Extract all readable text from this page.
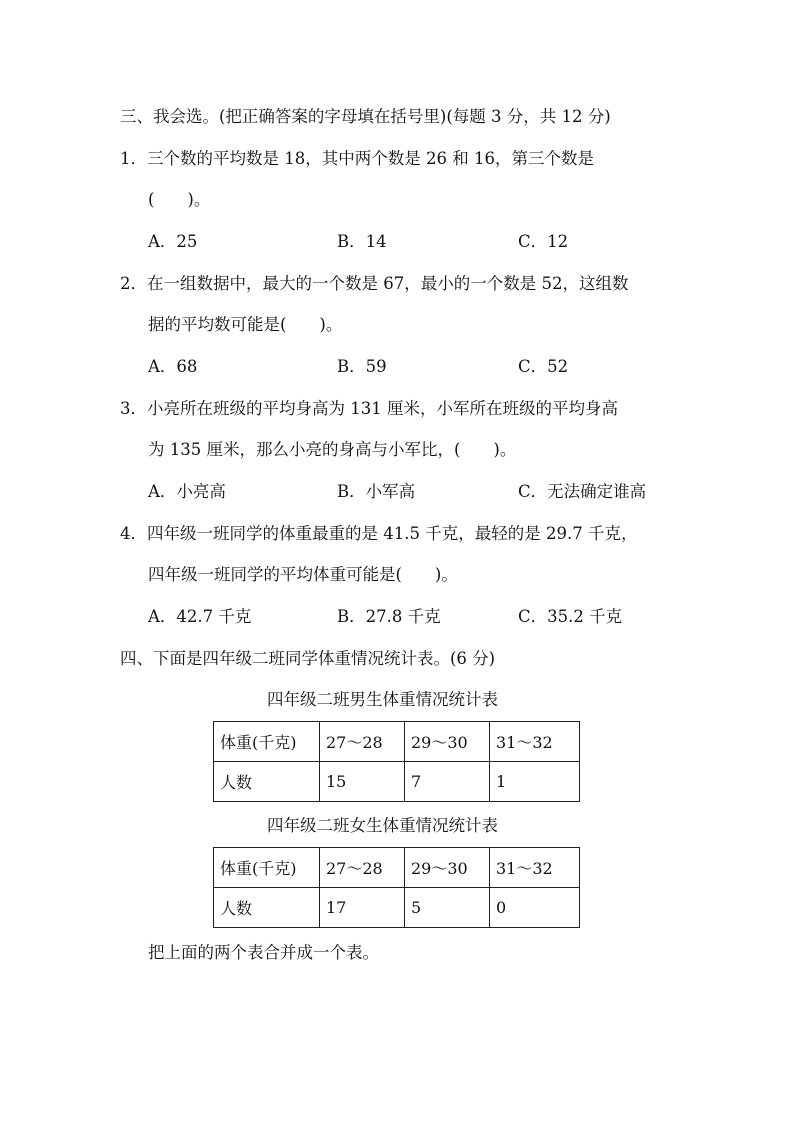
三、我会选。(把正确答案的字母填在括号里)(每题 3 分，共 12 分)
1．三个数的平均数是 18，其中两个数是 26 和 16，第三个数是
(　　)。
A．25	B．14	C．12
2．在一组数据中，最大的一个数是 67，最小的一个数是 52，这组数
据的平均数可能是(　　)。
A．68	B．59	C．52
3．小亮所在班级的平均身高为 131 厘米，小军所在班级的平均身高
为 135 厘米，那么小亮的身高与小军比，(　　)。
A．小亮高	B．小军高	C．无法确定谁高
4．四年级一班同学的体重最重的是 41.5 千克，最轻的是 29.7 千克，
四年级一班同学的平均体重可能是(　　)。
A．42.7 千克	B．27.8 千克	C．35.2 千克
四、下面是四年级二班同学体重情况统计表。(6 分)
四年级二班男生体重情况统计表
体重(千克)	27～28	29～30	31～32
人数	15	7	1
四年级二班女生体重情况统计表
体重(千克)	27～28	29～30	31～32
人数	17	5	0
把上面的两个表合并成一个表。
